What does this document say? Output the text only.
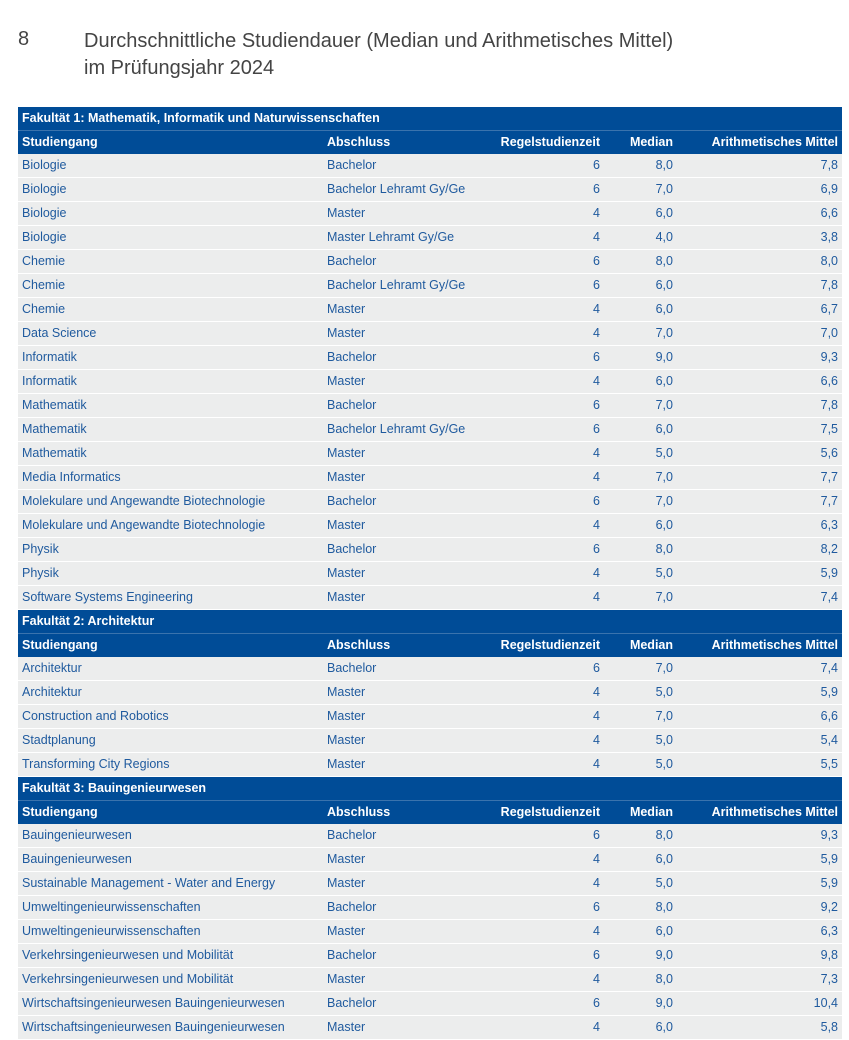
8	Durchschnittliche Studiendauer (Median und Arithmetisches Mittel)
im Prüfungsjahr 2024
Fakultät 1: Mathematik, Informatik und Naturwissenschaften				
Studiengang	Abschluss	Regelstudienzeit	Median	Arithmetisches Mittel
Biologie	Bachelor	6	8,0	7,8
Biologie	Bachelor Lehramt Gy/Ge	6	7,0	6,9
Biologie	Master	4	6,0	6,6
Biologie	Master Lehramt Gy/Ge	4	4,0	3,8
Chemie	Bachelor	6	8,0	8,0
Chemie	Bachelor Lehramt Gy/Ge	6	6,0	7,8
Chemie	Master	4	6,0	6,7
Data Science	Master	4	7,0	7,0
Informatik	Bachelor	6	9,0	9,3
Informatik	Master	4	6,0	6,6
Mathematik	Bachelor	6	7,0	7,8
Mathematik	Bachelor Lehramt Gy/Ge	6	6,0	7,5
Mathematik	Master	4	5,0	5,6
Media Informatics	Master	4	7,0	7,7
Molekulare und Angewandte Biotechnologie	Bachelor	6	7,0	7,7
Molekulare und Angewandte Biotechnologie	Master	4	6,0	6,3
Physik	Bachelor	6	8,0	8,2
Physik	Master	4	5,0	5,9
Software Systems Engineering	Master	4	7,0	7,4
Fakultät 2: Architektur				
Studiengang	Abschluss	Regelstudienzeit	Median	Arithmetisches Mittel
Architektur	Bachelor	6	7,0	7,4
Architektur	Master	4	5,0	5,9
Construction and Robotics	Master	4	7,0	6,6
Stadtplanung	Master	4	5,0	5,4
Transforming City Regions	Master	4	5,0	5,5
Fakultät 3: Bauingenieurwesen				
Studiengang	Abschluss	Regelstudienzeit	Median	Arithmetisches Mittel
Bauingenieurwesen	Bachelor	6	8,0	9,3
Bauingenieurwesen	Master	4	6,0	5,9
Sustainable Management - Water and Energy	Master	4	5,0	5,9
Umweltingenieurwissenschaften	Bachelor	6	8,0	9,2
Umweltingenieurwissenschaften	Master	4	6,0	6,3
Verkehrsingenieurwesen und Mobilität	Bachelor	6	9,0	9,8
Verkehrsingenieurwesen und Mobilität	Master	4	8,0	7,3
Wirtschaftsingenieurwesen Bauingenieurwesen	Bachelor	6	9,0	10,4
Wirtschaftsingenieurwesen Bauingenieurwesen	Master	4	6,0	5,8
